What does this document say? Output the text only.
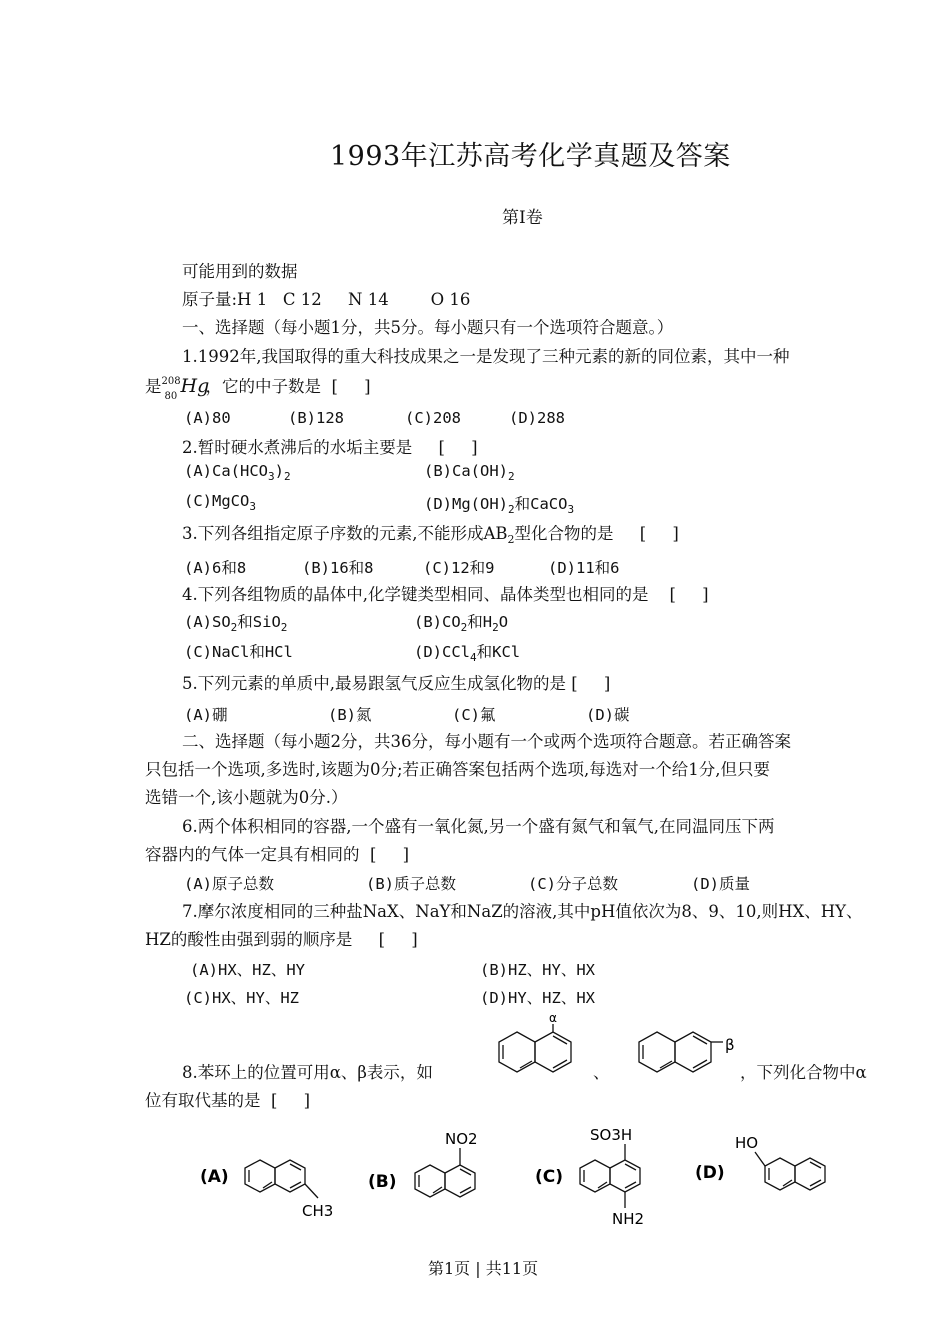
1993年江苏高考化学真题及答案
第Ⅰ卷
可能用到的数据
原子量:H 1   C 12     N 14        O 16
一、选择题（每小题1分，共5分。每小题只有一个选项符合题意。）
1.1992年,我国取得的重大科技成果之一是发现了三种元素的新的同位素，其中一种
是 208
80 Hg
，它的中子数是  [     ]
(A)80	(B)128	(C)208	(D)288
2.暂时硬水煮沸后的水垢主要是     [     ]
$(A)Ca(HCO_3)_2$	$(B)Ca(OH)_2$
(C)MgCO$_3$	$(D)Mg(OH)_2$和CaCO$_3$
3.下列各组指定原子序数的元素,不能形成$AB_2$型化合物的是     [     ]
(A)6和8	(B)16和8	(C)12和9	(D)11和6
4.下列各组物质的晶体中,化学键类型相同、晶体类型也相同的是    [     ]
$(A)SO_2$和SiO$_2$	$(B)CO_2$和$H_2O$
(C)NaCl和HCl	(D)CCl$_4$和KCl
5.下列元素的单质中,最易跟氢气反应生成氢化物的是 [     ]
(A)硼	(B)氮	(C)氟	(D)碳
二、选择题（每小题2分，共36分，每小题有一个或两个选项符合题意。若正确答案
只包括一个选项,多选时,该题为0分;若正确答案包括两个选项,每选对一个给1分,但只要
选错一个,该小题就为0分.）
6.两个体积相同的容器,一个盛有一氧化氮,另一个盛有氮气和氧气,在同温同压下两
容器内的气体一定具有相同的  [     ]
(A)原子总数	(B)质子总数	(C)分子总数	(D)质量
7.摩尔浓度相同的三种盐NaX、NaY和NaZ的溶液,其中pH值依次为8、9、10,则HX、HY、
HZ的酸性由强到弱的顺序是     [     ]
(A)HX、HZ、HY	(B)HZ、HY、HX
(C)HX、HY、HZ	(D)HY、HZ、HX
8.苯环上的位置可用α、β表示，如	、	，下列化合物中α
位有取代基的是  [     ]
α
β
(A)	(B)	(C)	(D)
CH3
NO2	SO3H
NH2
HO
第1页 | 共11页
